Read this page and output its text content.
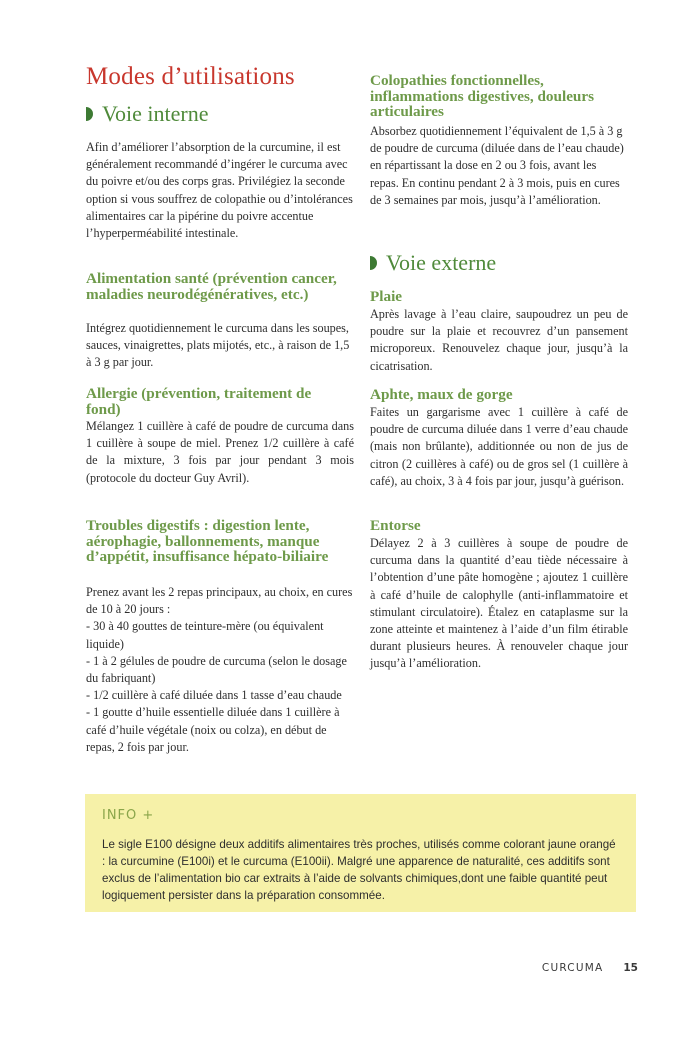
Modes d’utilisations
Voie interne

Afin d’améliorer l’absorption de la curcumine, il est généralement recommandé d’ingérer le curcuma avec du poivre et/ou des corps gras. Privilégiez la seconde option si vous souffrez de colopathie ou d’intolérances alimentaires car la pipérine du poivre accentue l’hyperperméabilité intestinale.

Alimentation santé (prévention cancer, maladies neurodégénératives, etc.)

Intégrez quotidiennement le curcuma dans les soupes, sauces, vinaigrettes, plats mijotés, etc., à raison de 1,5 à 3 g par jour.

Allergie (prévention, traitement de fond)

Mélangez 1 cuillère à café de poudre de curcuma dans 1 cuillère à soupe de miel. Prenez 1/2 cuillère à café de la mixture, 3 fois par jour pendant 3 mois (protocole du docteur Guy Avril).

Troubles digestifs : digestion lente, aérophagie, ballonnements, manque d’appétit, insuffisance hépato-biliaire
Prenez avant les 2 repas principaux, au choix, en cures de 10 à 20 jours :
- 30 à 40 gouttes de teinture-mère (ou équivalent liquide)
- 1 à 2 gélules de poudre de curcuma (selon le dosage du fabriquant)
- 1/2 cuillère à café diluée dans 1 tasse d’eau chaude
- 1 goutte d’huile essentielle diluée dans 1 cuillère à café d’huile végétale (noix ou colza), en début de repas, 2 fois par jour.
Colopathies fonctionnelles, inflammations digestives, douleurs articulaires

Absorbez quotidiennement l’équivalent de 1,5 à 3 g de poudre de curcuma (diluée dans de l’eau chaude) en répartissant la dose en 2 ou 3 fois, avant les repas. En continu pendant 2 à 3 mois, puis en cures de 3 semaines par mois, jusqu’à l’amélioration.

Voie externe
Plaie

Après lavage à l’eau claire, saupoudrez un peu de poudre sur la plaie et recouvrez d’un pansement microporeux. Renouvelez chaque jour, jusqu’à la cicatrisation.

Aphte, maux de gorge

Faites un gargarisme avec 1 cuillère à café de poudre de curcuma diluée dans 1 verre d’eau chaude (mais non brûlante), additionnée ou non de jus de citron (2 cuillères à café) ou de gros sel (1 cuillère à café), au choix, 3 à 4 fois par jour, jusqu’à guérison.

Entorse

Délayez 2 à 3 cuillères à soupe de poudre de curcuma dans la quantité d’eau tiède nécessaire à l’obtention d’une pâte homogène ; ajoutez 1 cuillère à café d’huile de calophylle (anti-inflammatoire et stimulant circulatoire). Étalez en cataplasme sur la zone atteinte et maintenez à l’aide d’un film étirable durant plusieurs heures. À renouveler chaque jour jusqu’à l’amélioration.

INFO +

Le sigle E100 désigne deux additifs alimentaires très proches, utilisés comme colorant jaune orangé : la curcumine (E100i) et le curcuma (E100ii). Malgré une apparence de naturalité, ces additifs sont exclus de l’alimentation bio car extraits à l’aide de solvants chimiques,dont une faible quantité peut logiquement persister dans la préparation consommée.

CURCUMA 15
